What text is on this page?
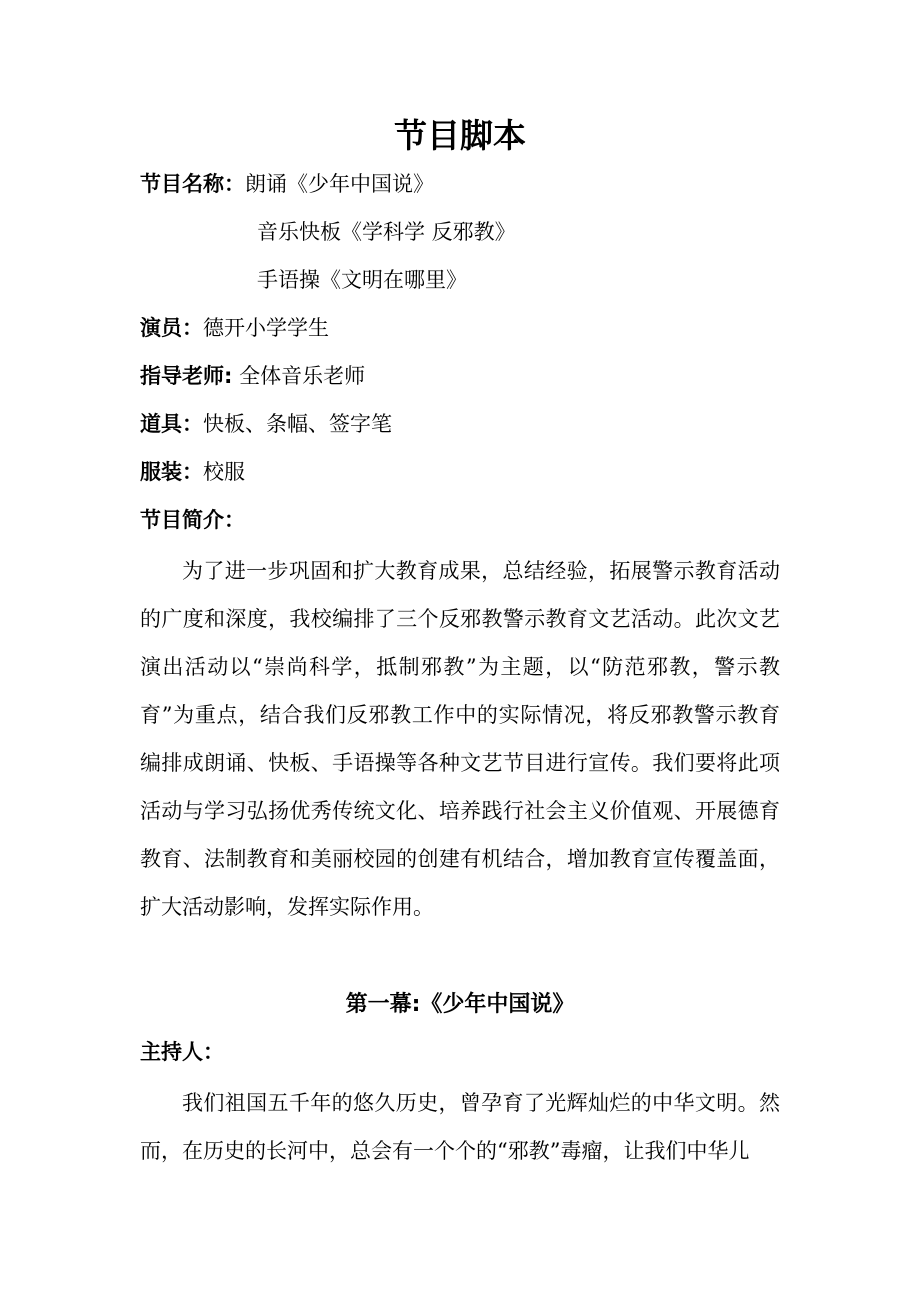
节目脚本
节目名称：朗诵《少年中国说》
音乐快板《学科学 反邪教》
手语操《文明在哪里》
演员：德开小学学生
指导老师: 全体音乐老师
道具：快板、条幅、签字笔
服装：校服
节目简介：

为了进一步巩固和扩大教育成果，总结经验，拓展警示教育活动的广度和深度，我校编排了三个反邪教警示教育文艺活动。此次文艺演出活动以“崇尚科学，抵制邪教”为主题，以“防范邪教，警示教育”为重点，结合我们反邪教工作中的实际情况，将反邪教警示教育编排成朗诵、快板、手语操等各种文艺节目进行宣传。我们要将此项活动与学习弘扬优秀传统文化、培养践行社会主义价值观、开展德育教育、法制教育和美丽校园的创建有机结合，增加教育宣传覆盖面，扩大活动影响，发挥实际作用。

第一幕:《少年中国说》
主持人：

我们祖国五千年的悠久历史，曾孕育了光辉灿烂的中华文明。然而，在历史的长河中，总会有一个个的“邪教”毒瘤，让我们中华儿
